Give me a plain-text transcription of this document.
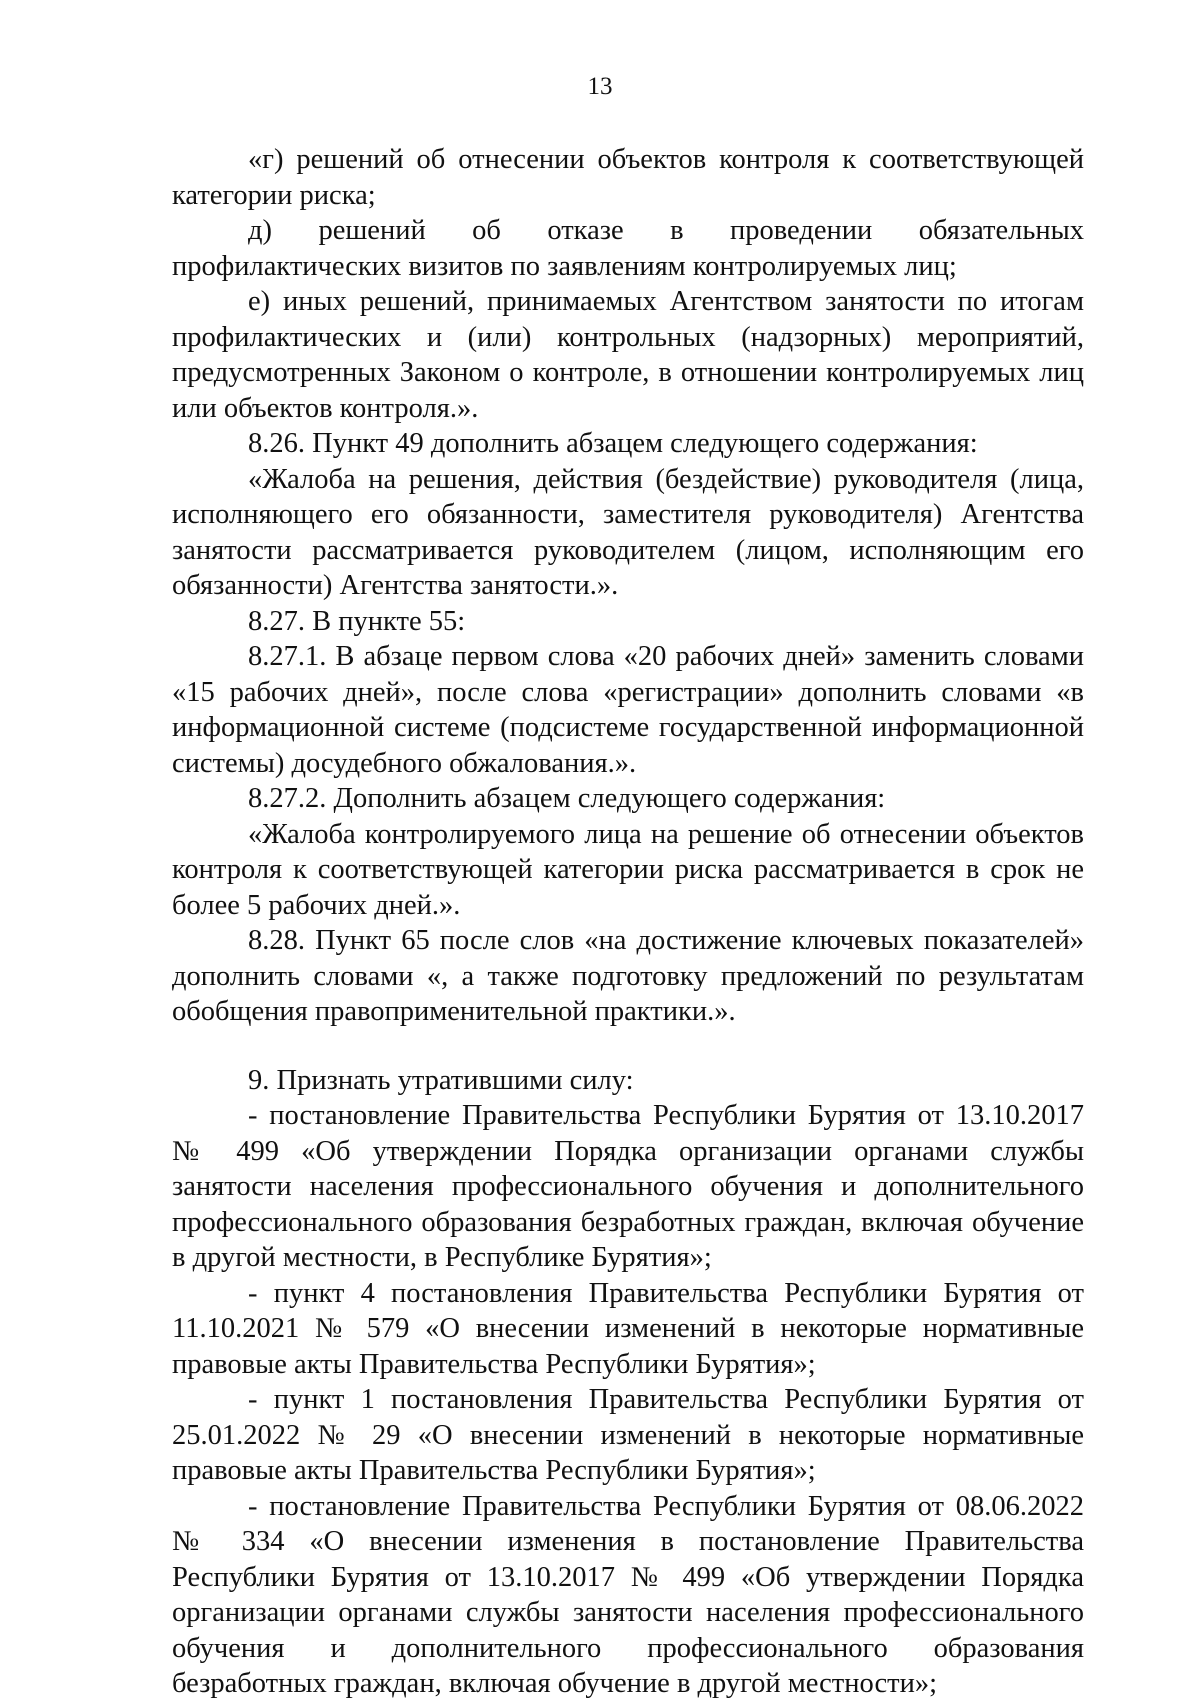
13

«г) решений об отнесении объектов контроля к соответствующей категории риска;

д) решений об отказе в проведении обязательных профилактических визитов по заявлениям контролируемых лиц;

е) иных решений, принимаемых Агентством занятости по итогам профилактических и (или) контрольных (надзорных) мероприятий, предусмотренных Законом о контроле, в отношении контролируемых лиц или объектов контроля.».

8.26. Пункт 49 дополнить абзацем следующего содержания:

«Жалоба на решения, действия (бездействие) руководителя (лица, исполняющего его обязанности, заместителя руководителя) Агентства занятости рассматривается руководителем (лицом, исполняющим его обязанности) Агентства занятости.».

8.27. В пункте 55:

8.27.1. В абзаце первом слова «20 рабочих дней» заменить словами «15 рабочих дней», после слова «регистрации» дополнить словами «в информационной системе (подсистеме государственной информационной системы) досудебного обжалования.».

8.27.2. Дополнить абзацем следующего содержания:

«Жалоба контролируемого лица на решение об отнесении объектов контроля к соответствующей категории риска рассматривается в срок не более 5 рабочих дней.».

8.28. Пункт 65 после слов «на достижение ключевых показателей» дополнить словами «, а также подготовку предложений по результатам обобщения правоприменительной практики.».

9. Признать утратившими силу:

- постановление Правительства Республики Бурятия от 13.10.2017 № 499 «Об утверждении Порядка организации органами службы занятости населения профессионального обучения и дополнительного профессионального образования безработных граждан, включая обучение в другой местности, в Республике Бурятия»;

- пункт 4 постановления Правительства Республики Бурятия от 11.10.2021 № 579 «О внесении изменений в некоторые нормативные правовые акты Правительства Республики Бурятия»;

- пункт 1 постановления Правительства Республики Бурятия от 25.01.2022 № 29 «О внесении изменений в некоторые нормативные правовые акты Правительства Республики Бурятия»;

- постановление Правительства Республики Бурятия от 08.06.2022 № 334 «О внесении изменения в постановление Правительства Республики Бурятия от 13.10.2017 № 499 «Об утверждении Порядка организации органами службы занятости населения профессионального обучения и дополнительного профессионального образования безработных граждан, включая обучение в другой местности»;
